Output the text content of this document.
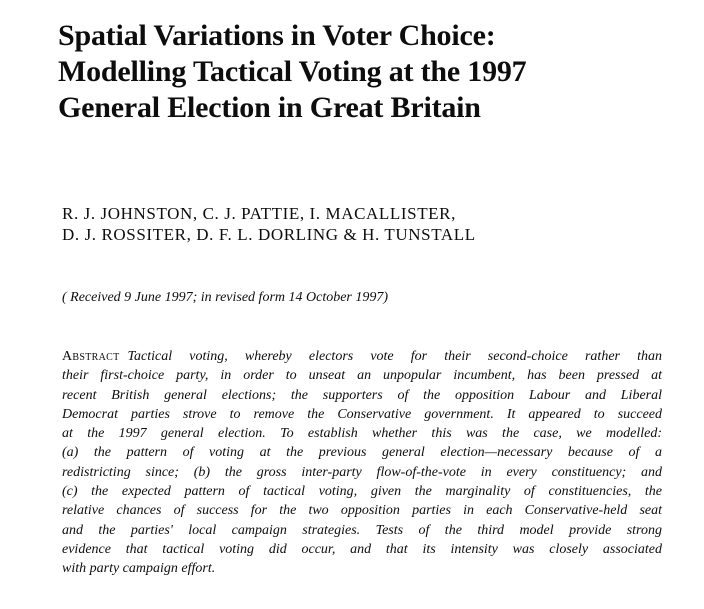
Spatial Variations in Voter Choice:
Modelling Tactical Voting at the 1997
General Election in Great Britain
R. J. JOHNSTON, C. J. PATTIE, I. MACALLISTER,
D. J. ROSSITER, D. F. L. DORLING & H. TUNSTALL
( Received 9 June 1997; in revised form 14 October 1997)
Abstract Tactical voting, whereby electors vote for their second-choice rather than
their first-choice party, in order to unseat an unpopular incumbent, has been pressed at
recent British general elections; the supporters of the opposition Labour and Liberal
Democrat parties strove to remove the Conservative government. It appeared to succeed
at the 1997 general election. To establish whether this was the case, we modelled:
(a) the pattern of voting at the previous general election—necessary because of a
redistricting since; (b) the gross inter-party flow-of-the-vote in every constituency; and
(c) the expected pattern of tactical voting, given the marginality of constituencies, the
relative chances of success for the two opposition parties in each Conservative-held seat
and the parties' local campaign strategies. Tests of the third model provide strong
evidence that tactical voting did occur, and that its intensity was closely associated
with party campaign effort.
